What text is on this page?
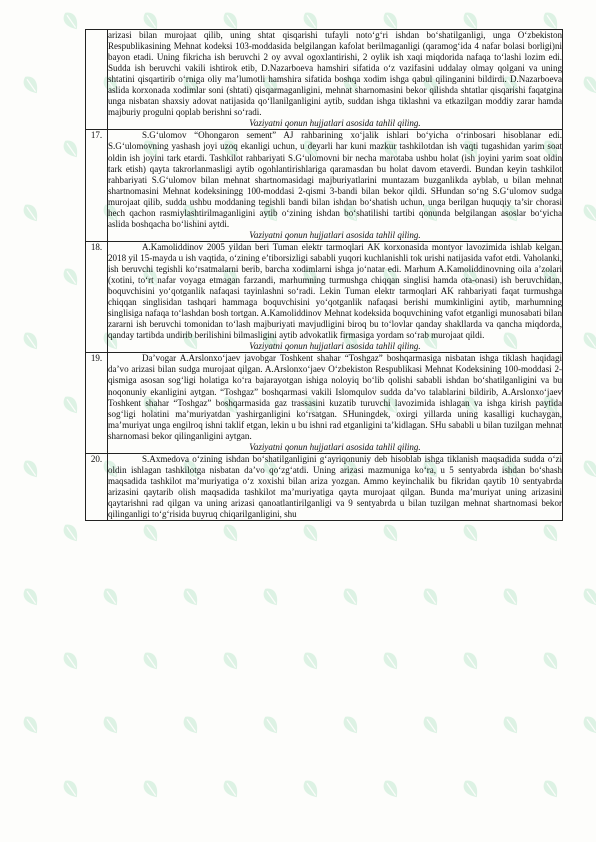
	arizasi bilan murojaat qilib, uning shtat qisqarishi tufayli noto‘g‘ri ishdan bo‘shatilganligi, unga O‘zbekiston Respublikasining Mehnat kodeksi 103-moddasida belgilangan kafolat berilmaganligi (qaramog‘ida 4 nafar bolasi borligi)ni bayon etadi. Uning fikricha ish beruvchi 2 oy avval ogoxlantirishi, 2 oylik ish xaqi miqdorida nafaqa to‘lashi lozim edi. Sudda ish beruvchi vakili ishtirok etib, D.Nazarboeva hamshiri sifatida o‘z vazifasini uddalay olmay qolgani va uning shtatini qisqartirib o‘rniga oliy ma’lumotli hamshira sifatida boshqa xodim ishga qabul qilinganini bildirdi. D.Nazarboeva aslida korxonada xodimlar soni (shtati) qisqarmaganligini, mehnat sharnomasini bekor qilishda shtatlar qisqarishi faqatgina unga nisbatan shaxsiy adovat natijasida qo‘llanilganligini aytib, suddan ishga tiklashni va etkazilgan moddiy zarar hamda majburiy progulni qoplab berishni so‘radi.
Vaziyatni qonun hujjatlari asosida tahlil qiling.

17.	S.G‘ulomov “Ohongaron sement” AJ rahbarining xo‘jalik ishlari bo‘yicha o‘rinbosari hisoblanar edi. S.G‘ulomovning yashash joyi uzoq ekanligi uchun, u deyarli har kuni mazkur tashkilotdan ish vaqti tugashidan yarim soat oldin ish joyini tark etardi. Tashkilot rahbariyati S.G‘ulomovni bir necha marotaba ushbu holat (ish joyini yarim soat oldin tark etish) qayta takrorlanmasligi aytib ogohlantirishlariga qaramasdan bu holat davom etaverdi. Bundan keyin tashkilot rahbariyati S.G‘ulomov bilan mehnat shartnomasidagi majburiyatlarini muntazam buzganlikda ayblab, u bilan mehnat shartnomasini Mehnat kodeksiningg 100-moddasi 2-qismi 3-bandi bilan bekor qildi. SHundan so‘ng S.G‘ulomov sudga murojaat qilib, sudda ushbu moddaning tegishli bandi bilan ishdan bo‘shatish uchun, unga berilgan huquqiy ta’sir chorasi hech qachon rasmiylashtirilmaganligini aytib o‘zining ishdan bo‘shatilishi tartibi qonunda belgilangan asoslar bo‘yicha aslida boshqacha bo‘lishini aytdi.
Vaziyatni qonun hujjatlari asosida tahlil qiling.

18.	A.Kamoliddinov 2005 yildan beri Tuman elektr tarmoqlari AK korxonasida montyor lavozimida ishlab kelgan. 2018 yil 15-mayda u ish vaqtida, o‘zining e’tiborsizligi sababli yuqori kuchlanishli tok urishi natijasida vafot etdi. Vaholanki, ish beruvchi tegishli ko‘rsatmalarni berib, barcha xodimlarni ishga jo‘natar edi. Marhum A.Kamoliddinovning oila a’zolari (xotini, to‘rt nafar voyaga etmagan farzandi, marhumning turmushga chiqqan singlisi hamda ota-onasi) ish beruvchidan, boquvchisini yo‘qotganlik nafaqasi tayinlashni so‘radi. Lekin Tuman elektr tarmoqlari AK rahbariyati faqat turmushga chiqqan singlisidan tashqari hammaga boquvchisini yo‘qotganlik nafaqasi berishi mumkinligini aytib, marhumning singlisiga nafaqa to‘lashdan bosh tortgan. A.Kamoliddinov Mehnat kodeksida boquvchining vafot etganligi munosabati bilan zararni ish beruvchi tomonidan to‘lash majburiyati mavjudligini biroq bu to‘lovlar qanday shakllarda va qancha miqdorda, qanday tartibda undirib berilishini bilmasligini aytib advokatlik firmasiga yordam so‘rab murojaat qildi.
Vaziyatni qonun hujjatlari asosida tahlil qiling.

19.	Da’vogar A.Arslonxo‘jaev javobgar Toshkent shahar “Toshgaz” boshqarmasiga nisbatan ishga tiklash haqidagi da’vo arizasi bilan sudga murojaat qilgan. A.Arslonxo‘jaev O‘zbekiston Respublikasi Mehnat Kodeksining 100-moddasi 2-qismiga asosan sog‘ligi holatiga ko‘ra bajarayotgan ishiga noloyiq bo‘lib qolishi sababli ishdan bo‘shatilganligini va bu noqonuniy ekanligini aytgan. “Toshgaz” boshqarmasi vakili Islomqulov sudda da’vo talablarini bildirib, A.Arslonxo‘jaev Toshkent shahar “Toshgaz” boshqarmasida gaz trassasini kuzatib turuvchi lavozimida ishlagan va ishga kirish paytida sog‘ligi holatini ma’muriyatdan yashirganligini ko‘rsatgan. SHuningdek, oxirgi yillarda uning kasalligi kuchaygan, ma’muriyat unga engilroq ishni taklif etgan, lekin u bu ishni rad etganligini ta’kidlagan. SHu sababli u bilan tuzilgan mehnat sharnomasi bekor qilinganligini aytgan.
Vaziyatni qonun hujjatlari asosida tahlil qiling.

20.	S.Axmedova o‘zining ishdan bo‘shatilganligini g‘ayriqonuniy deb hisoblab ishga tiklanish maqsadida sudda o‘zi oldin ishlagan tashkilotga nisbatan da’vo qo‘zg‘atdi. Uning arizasi mazmuniga ko‘ra, u 5 sentyabrda ishdan bo‘shash maqsadida tashkilot ma’muriyatiga o‘z xoxishi bilan ariza yozgan. Ammo keyinchalik bu fikridan qaytib 10 sentyabrda arizasini qaytarib olish maqsadida tashkilot ma’muriyatiga qayta murojaat qilgan. Bunda ma’muriyat uning arizasini qaytarishni rad qilgan va uning arizasi qanoatlantirilganligi va 9 sentyabrda u bilan tuzilgan mehnat shartnomasi bekor qilinganligi to‘g‘risida buyruq chiqarilganligini, shu
